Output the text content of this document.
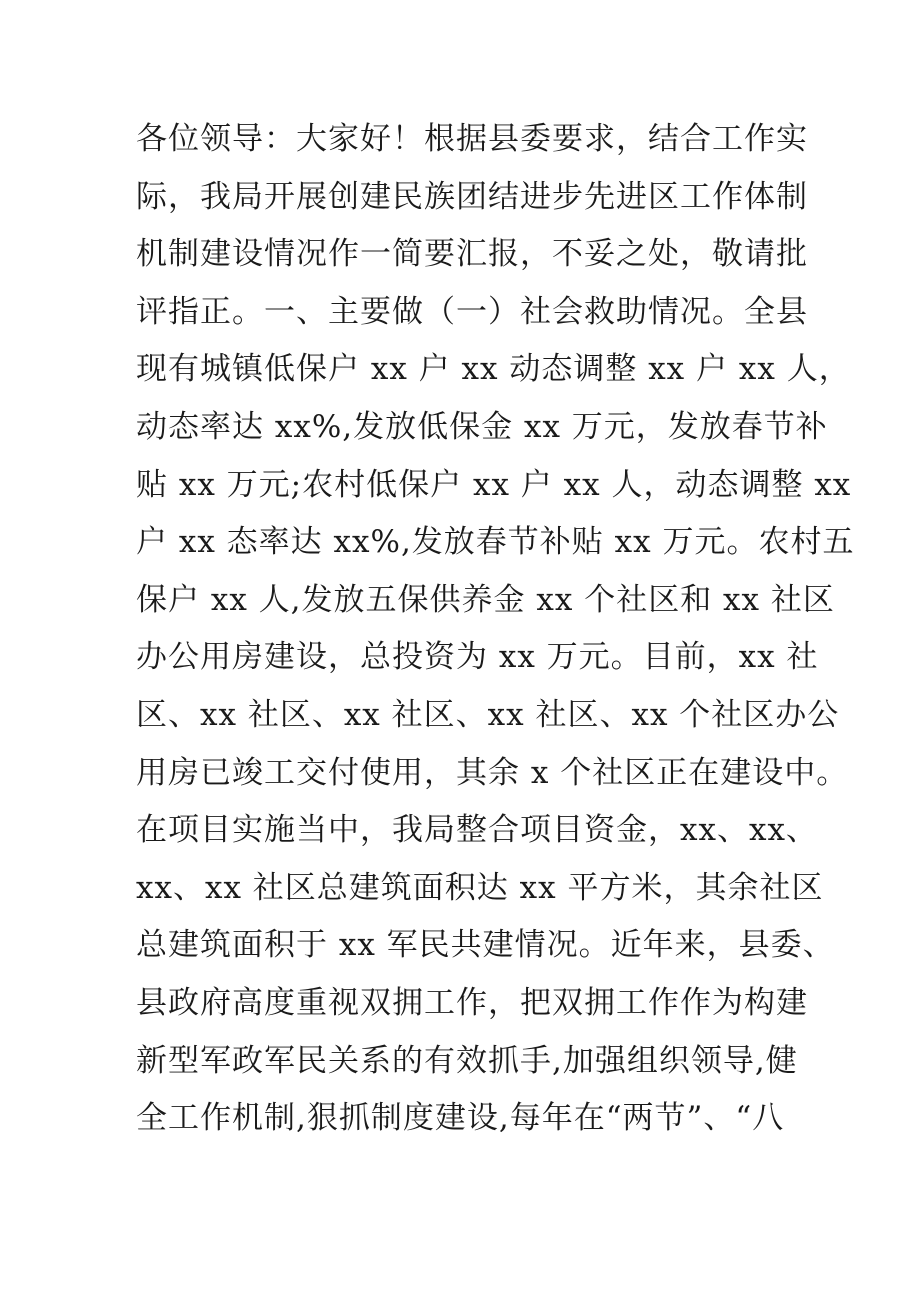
各位领导：大家好！根据县委要求，结合工作实
际，我局开展创建民族团结进步先进区工作体制
机制建设情况作一简要汇报，不妥之处，敬请批
评指正。一、主要做（一）社会救助情况。全县
现有城镇低保户 xx 户 xx 动态调整 xx 户 xx 人，
动态率达 xx%,发放低保金 xx 万元，发放春节补
贴 xx 万元;农村低保户 xx 户 xx 人，动态调整 xx
户 xx 态率达 xx%,发放春节补贴 xx 万元。农村五
保户 xx 人,发放五保供养金 xx 个社区和 xx 社区
办公用房建设，总投资为 xx 万元。目前，xx 社
区、xx 社区、xx 社区、xx 社区、xx 个社区办公
用房已竣工交付使用，其余 x 个社区正在建设中。
在项目实施当中，我局整合项目资金，xx、xx、
xx、xx 社区总建筑面积达 xx 平方米，其余社区
总建筑面积于 xx 军民共建情况。近年来，县委、
县政府高度重视双拥工作，把双拥工作作为构建
新型军政军民关系的有效抓手,加强组织领导,健
全工作机制,狠抓制度建设,每年在“两节”、“八
